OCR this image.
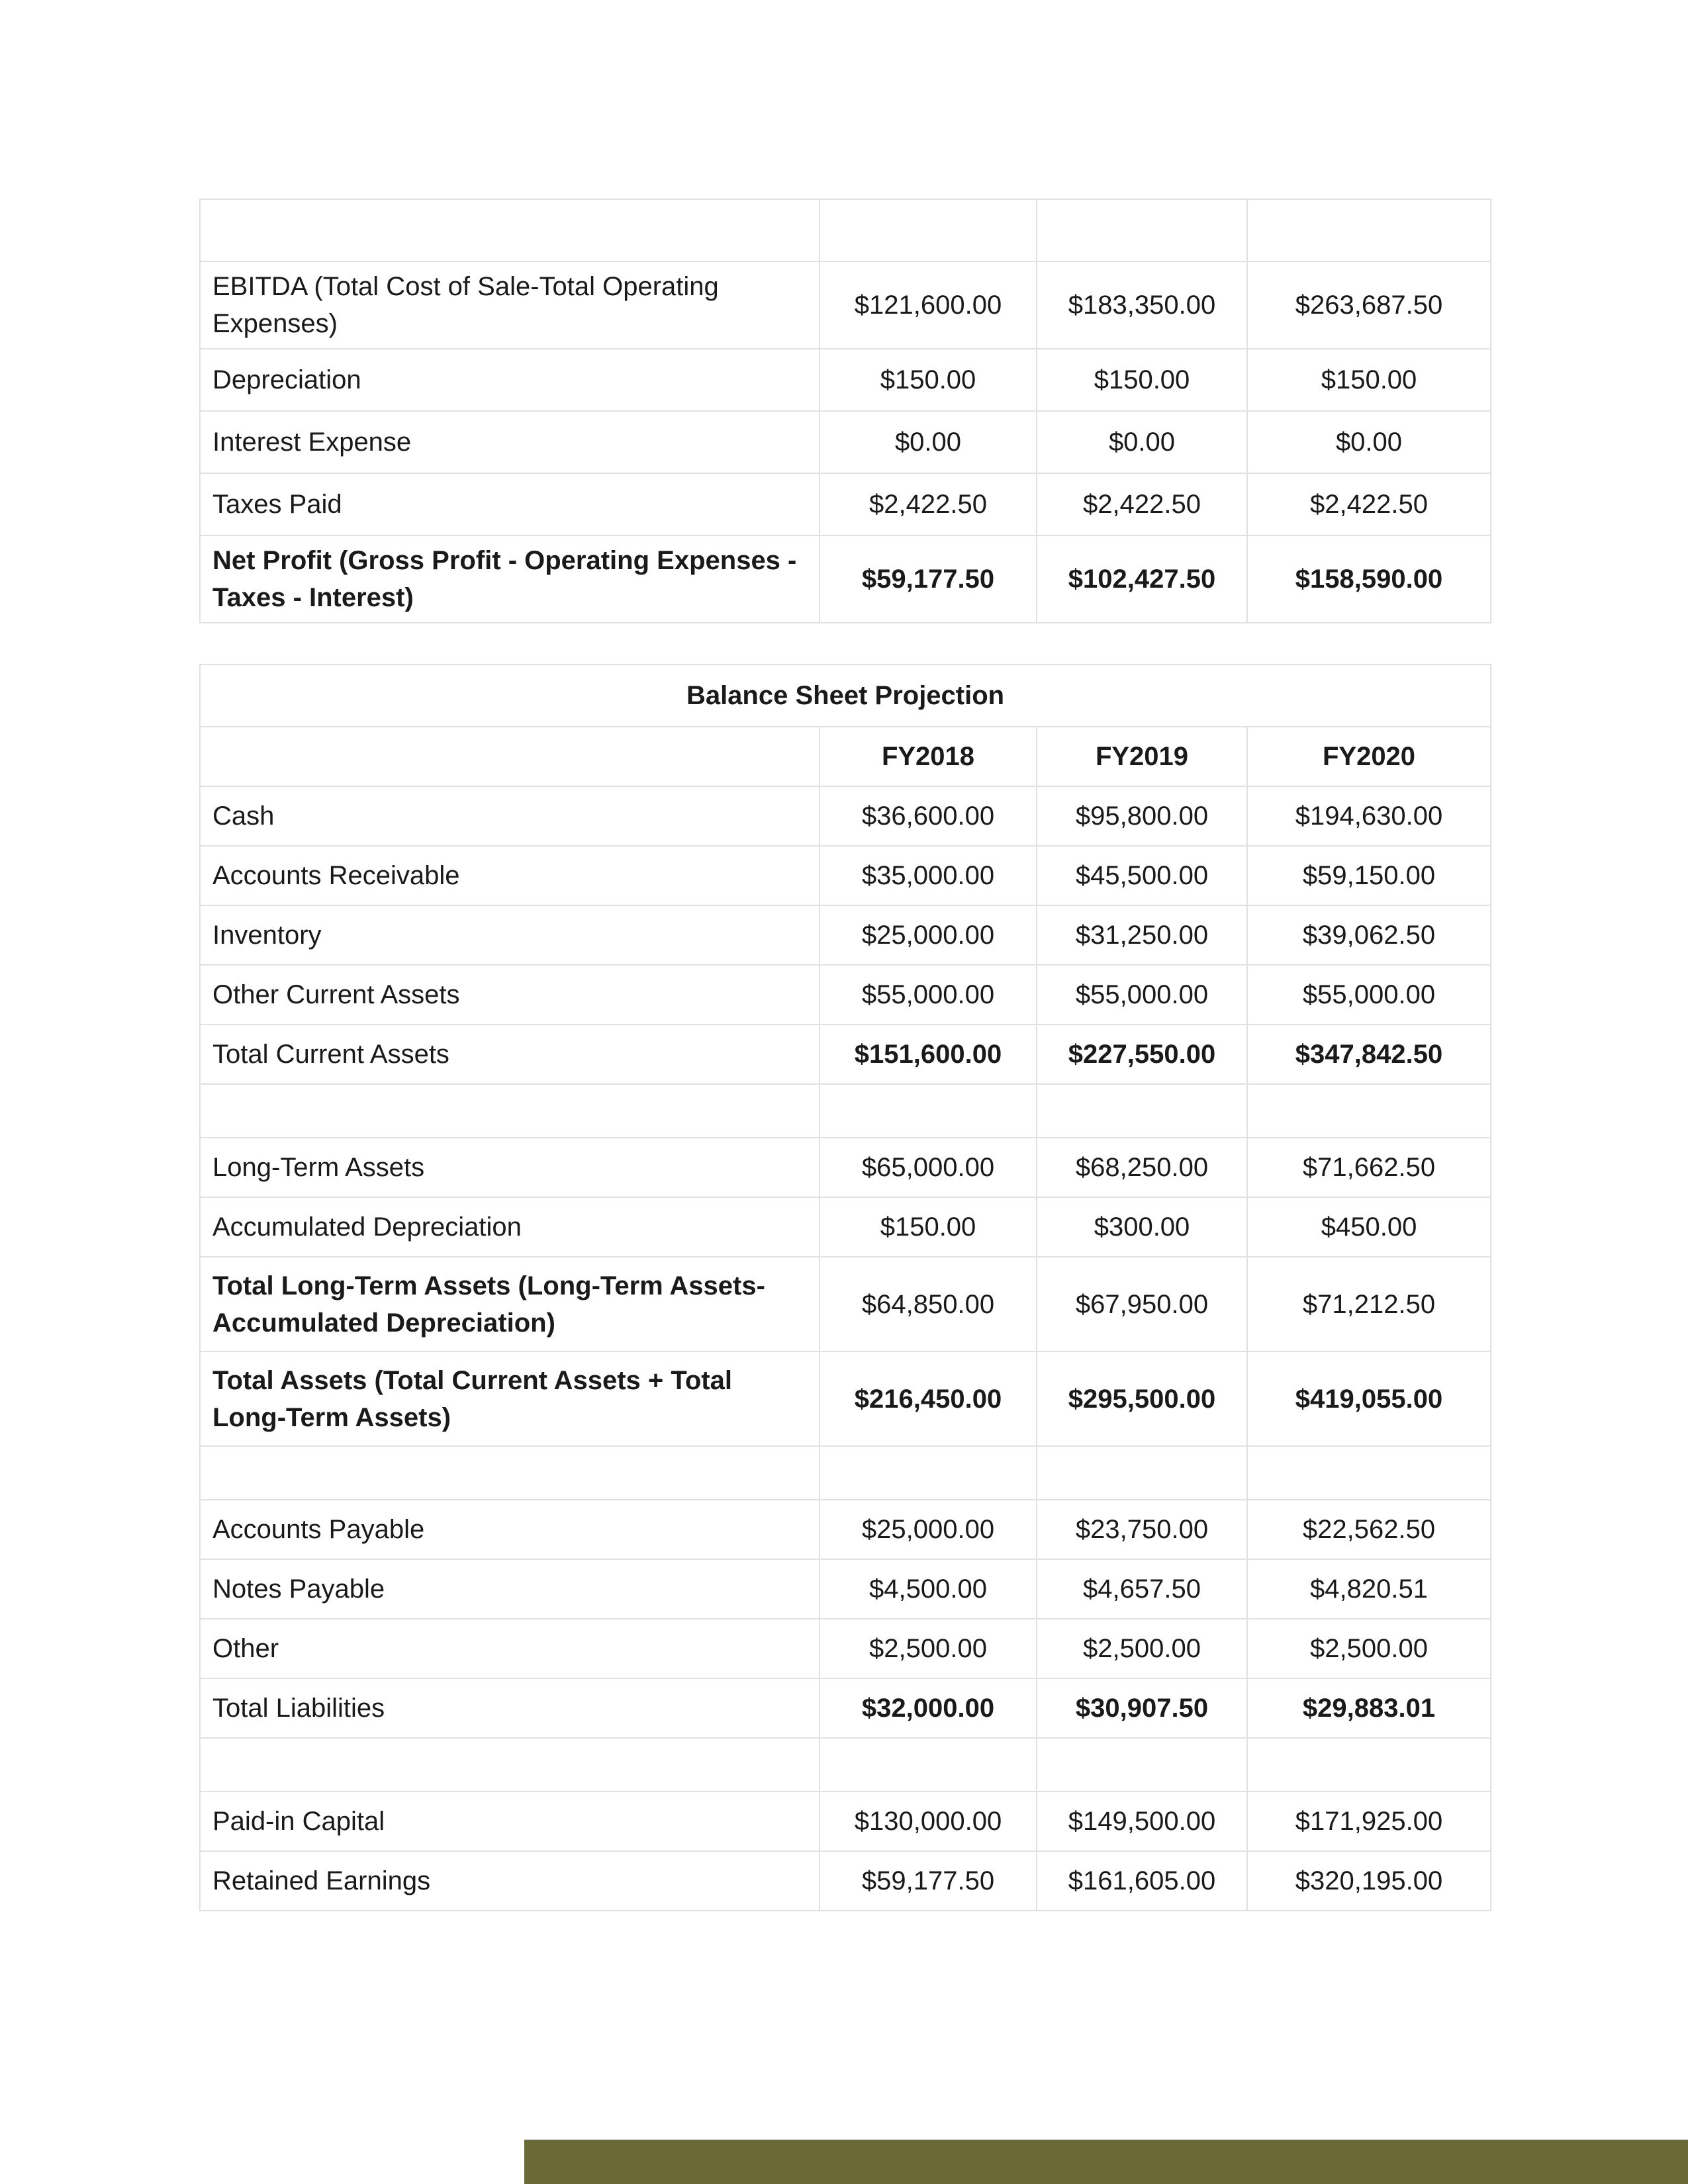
EBITDA (Total Cost of Sale-Total Operating Expenses)	$121,600.00	$183,350.00	$263,687.50
Depreciation	$150.00	$150.00	$150.00
Interest Expense	$0.00	$0.00	$0.00
Taxes Paid	$2,422.50	$2,422.50	$2,422.50
Net Profit (Gross Profit - Operating Expenses - Taxes - Interest)	$59,177.50	$102,427.50	$158,590.00
Balance Sheet Projection			
	FY2018	FY2019	FY2020
Cash	$36,600.00	$95,800.00	$194,630.00
Accounts Receivable	$35,000.00	$45,500.00	$59,150.00
Inventory	$25,000.00	$31,250.00	$39,062.50
Other Current Assets	$55,000.00	$55,000.00	$55,000.00
Total Current Assets	$151,600.00	$227,550.00	$347,842.50

Long-Term Assets	$65,000.00	$68,250.00	$71,662.50
Accumulated Depreciation	$150.00	$300.00	$450.00
Total Long-Term Assets (Long-Term Assets-Accumulated Depreciation)	$64,850.00	$67,950.00	$71,212.50
Total Assets (Total Current Assets + Total Long-Term Assets)	$216,450.00	$295,500.00	$419,055.00

Accounts Payable	$25,000.00	$23,750.00	$22,562.50
Notes Payable	$4,500.00	$4,657.50	$4,820.51
Other	$2,500.00	$2,500.00	$2,500.00
Total Liabilities	$32,000.00	$30,907.50	$29,883.01

Paid-in Capital	$130,000.00	$149,500.00	$171,925.00
Retained Earnings	$59,177.50	$161,605.00	$320,195.00
